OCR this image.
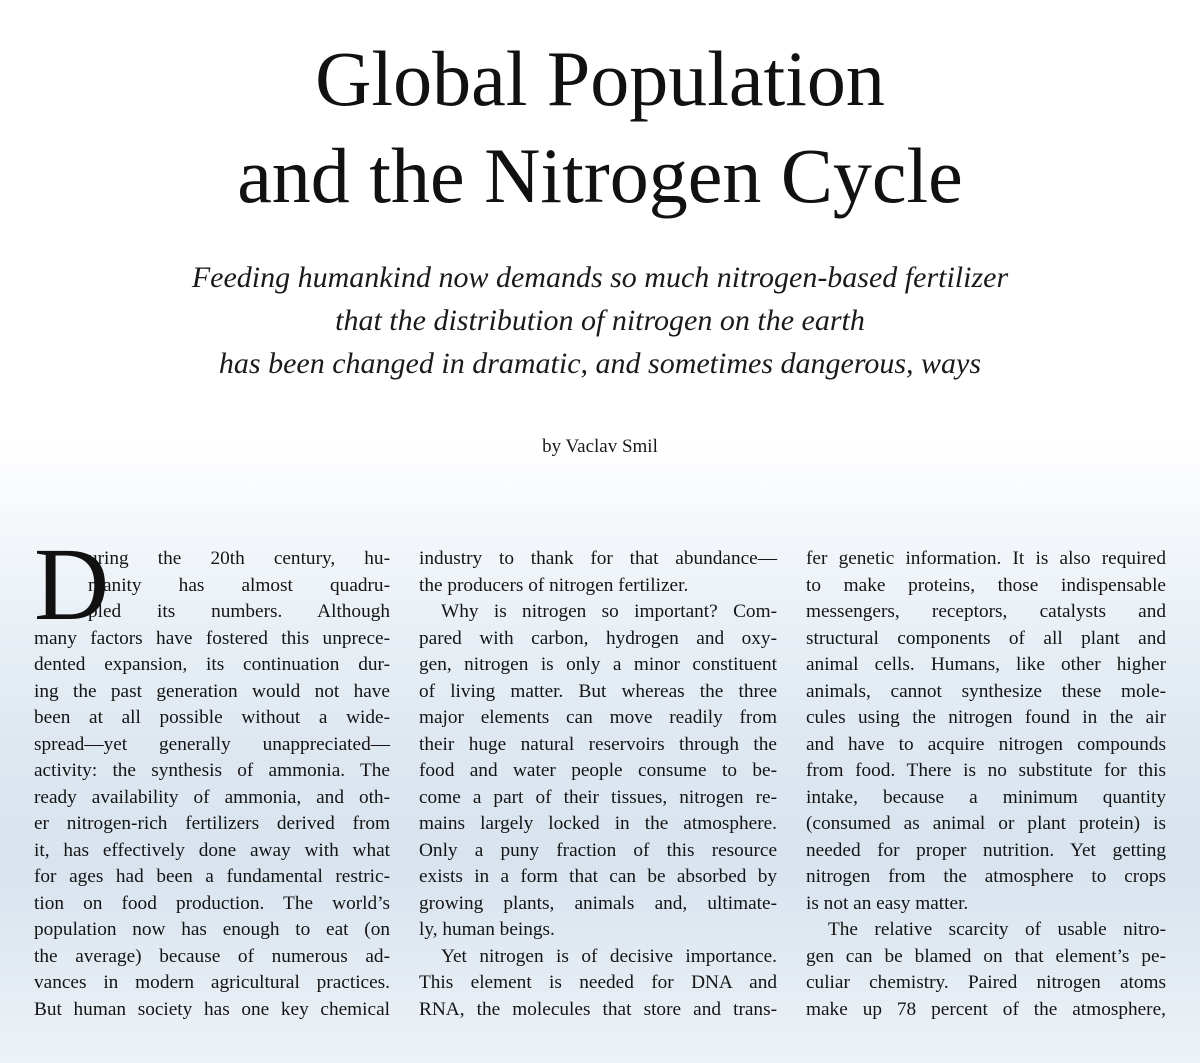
Global Population
and the Nitrogen Cycle

Feeding humankind now demands so much nitrogen-based fertilizer
that the distribution of nitrogen on the earth
has been changed in dramatic, and sometimes dangerous, ways

by Vaclav Smil
D
uring the 20th century, hu-
manity has almost quadru-
pled its numbers. Although
many factors have fostered this unprece-
dented expansion, its continuation dur-
ing the past generation would not have
been at all possible without a wide-
spread—yet generally unappreciated—
activity: the synthesis of ammonia. The
ready availability of ammonia, and oth-
er nitrogen-rich fertilizers derived from
it, has effectively done away with what
for ages had been a fundamental restric-
tion on food production. The world’s
population now has enough to eat (on
the average) because of numerous ad-
vances in modern agricultural practices.
But human society has one key chemical
industry to thank for that abundance—
the producers of nitrogen fertilizer.
Why is nitrogen so important? Com-
pared with carbon, hydrogen and oxy-
gen, nitrogen is only a minor constituent
of living matter. But whereas the three
major elements can move readily from
their huge natural reservoirs through the
food and water people consume to be-
come a part of their tissues, nitrogen re-
mains largely locked in the atmosphere.
Only a puny fraction of this resource
exists in a form that can be absorbed by
growing plants, animals and, ultimate-
ly, human beings.
Yet nitrogen is of decisive importance.
This element is needed for DNA and
RNA, the molecules that store and trans-
fer genetic information. It is also required
to make proteins, those indispensable
messengers, receptors, catalysts and
structural components of all plant and
animal cells. Humans, like other higher
animals, cannot synthesize these mole-
cules using the nitrogen found in the air
and have to acquire nitrogen compounds
from food. There is no substitute for this
intake, because a minimum quantity
(consumed as animal or plant protein) is
needed for proper nutrition. Yet getting
nitrogen from the atmosphere to crops
is not an easy matter.
The relative scarcity of usable nitro-
gen can be blamed on that element’s pe-
culiar chemistry. Paired nitrogen atoms
make up 78 percent of the atmosphere,
